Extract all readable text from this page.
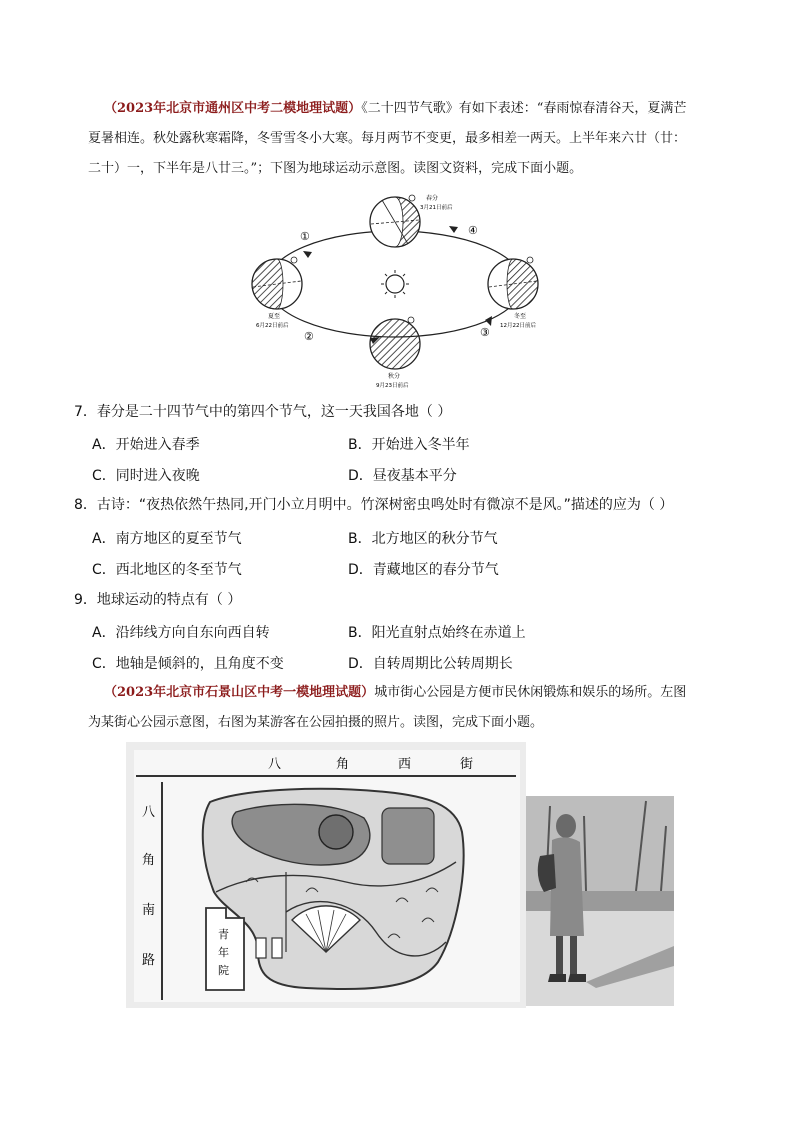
（2023年北京市通州区中考二模地理试题）《二十四节气歌》有如下表述：“春雨惊春清谷天，夏满芒
夏暑相连。秋处露秋寒霜降，冬雪雪冬小大寒。每月两节不变更，最多相差一两天。上半年来六廿（廿：
二十）一，下半年是八廿三。”；下图为地球运动示意图。读图文资料，完成下面小题。
春分
3月21日前后
夏至
6月22日前后
冬至
12月22日前后
秋分
9月23日前后
①
②	③
④
7．春分是二十四节气中的第四个节气，这一天我国各地（ ）
A．开始进入春季	B．开始进入冬半年
C．同时进入夜晚	D．昼夜基本平分
8．古诗：“夜热依然午热同,开门小立月明中。竹深树密虫鸣处时有微凉不是风。”描述的应为（ ）
A．南方地区的夏至节气	B．北方地区的秋分节气
C．西北地区的冬至节气	D．青藏地区的春分节气
9．地球运动的特点有（ ）
A．沿纬线方向自东向西自转	B．阳光直射点始终在赤道上
C．地轴是倾斜的，且角度不变	D．自转周期比公转周期长
（2023年北京市石景山区中考一模地理试题）城市街心公园是方便市民休闲锻炼和娱乐的场所。左图
为某街心公园示意图，右图为某游客在公园拍摄的照片。读图，完成下面小题。
八	角	西	街
八
角
南
路
青
年
院
